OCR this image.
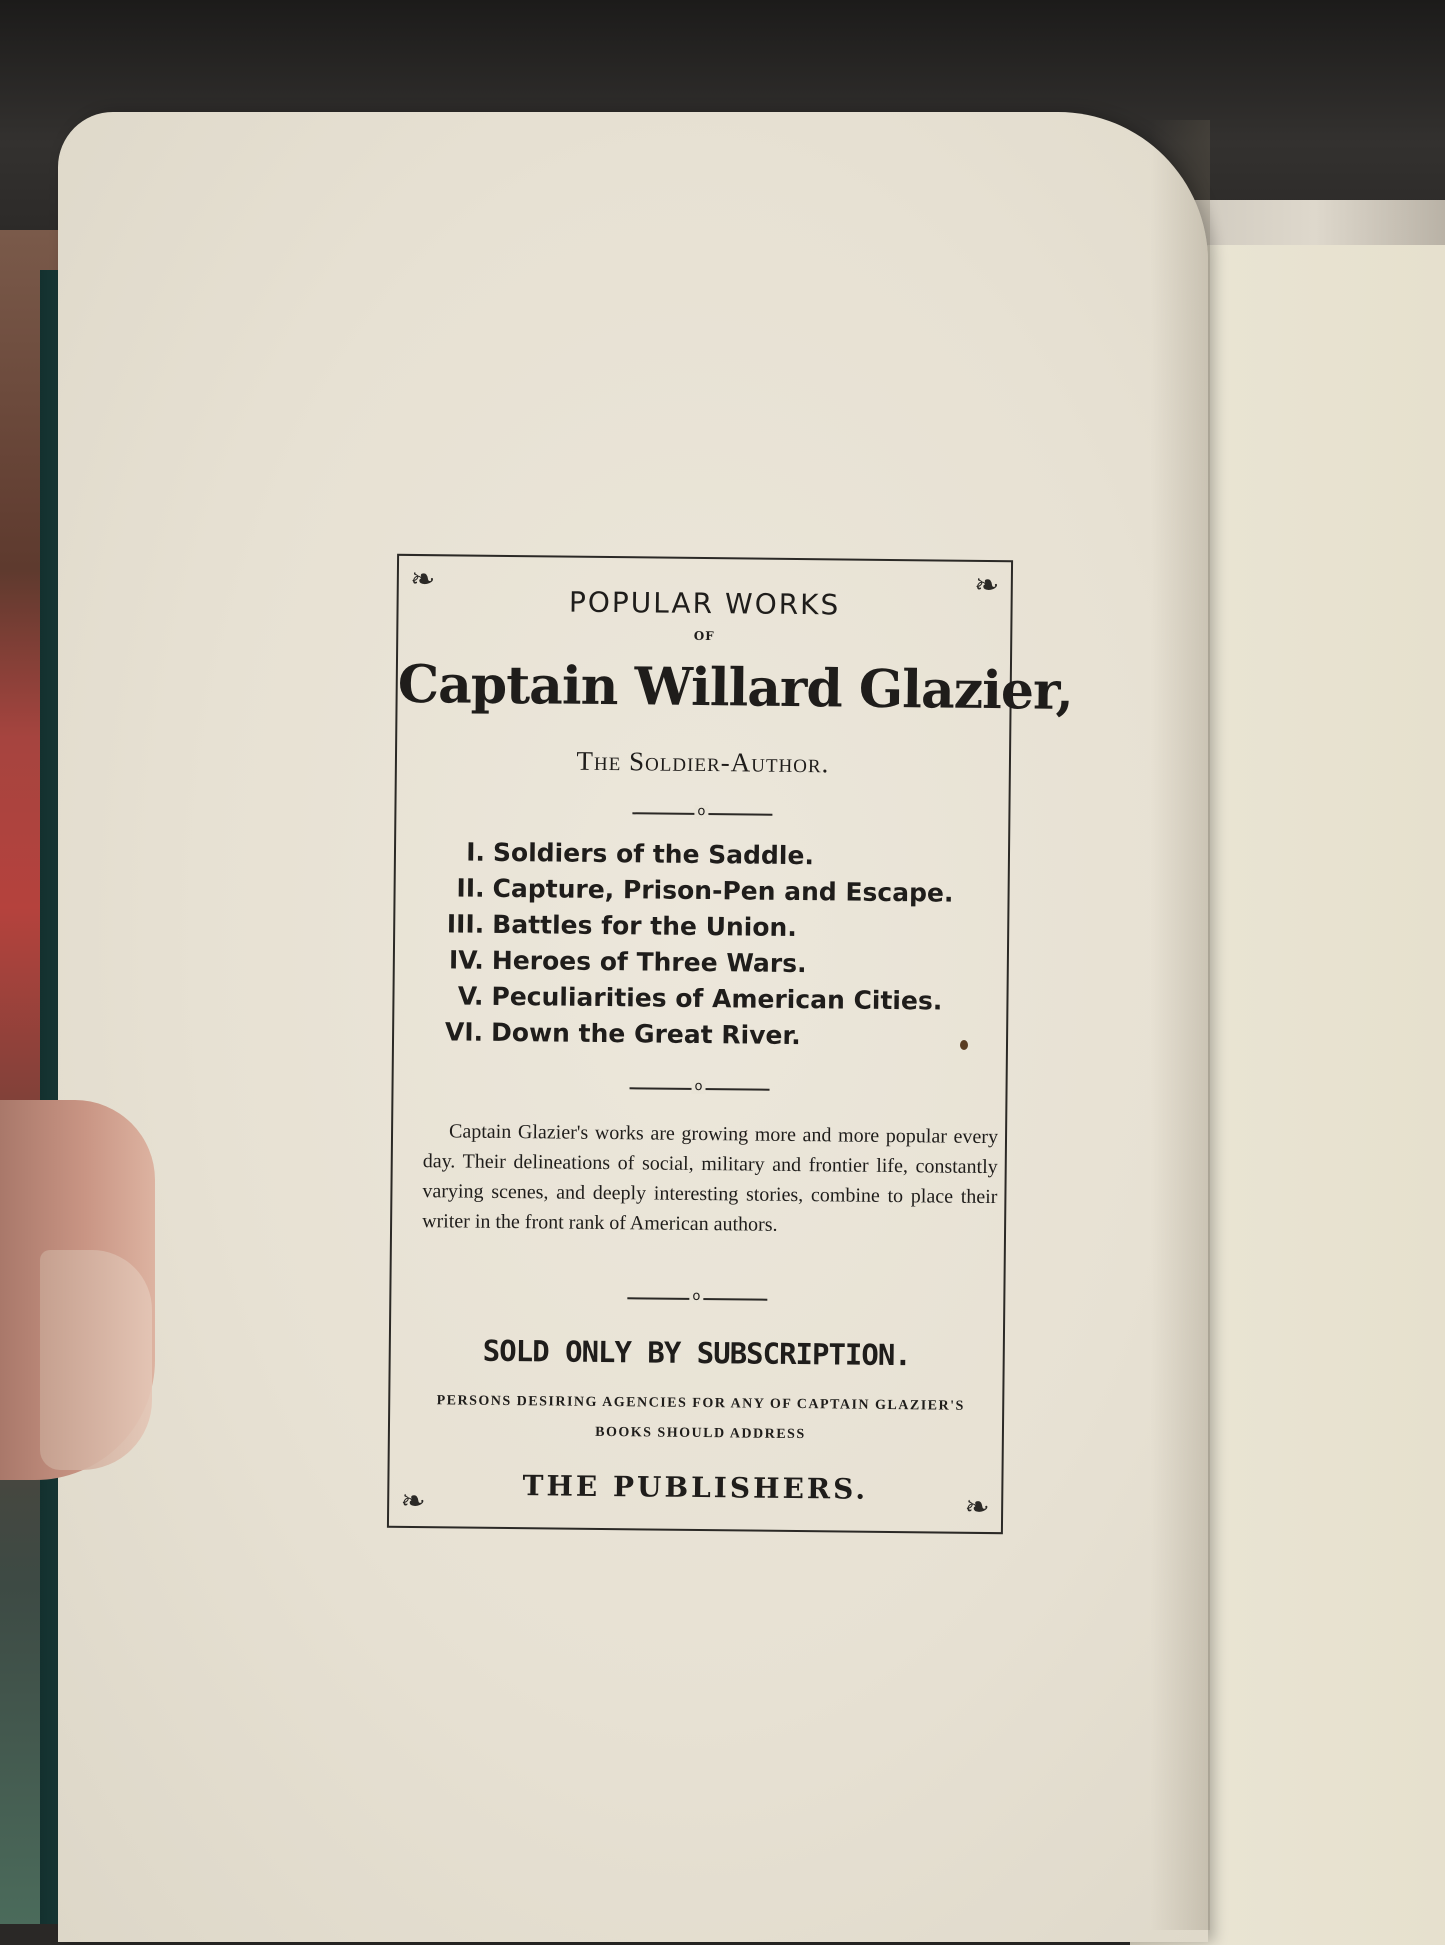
❧	❧
❧	❧
POPULAR WORKS
OF
Captain Willard Glazier,
The Soldier-Author.
o
I. Soldiers of the Saddle.
II. Capture, Prison-Pen and Escape.
III. Battles for the Union.
IV. Heroes of Three Wars.
V. Peculiarities of American Cities.
VI. Down the Great River.
o
Captain Glazier's works are growing more and more popular every day. Their delineations of social, military and frontier life, constantly varying scenes, and deeply interesting stories, combine to place their writer in the front rank of American authors.
o
SOLD ONLY BY SUBSCRIPTION.
PERSONS DESIRING AGENCIES FOR ANY OF CAPTAIN GLAZIER'S BOOKS SHOULD ADDRESS
THE PUBLISHERS.
